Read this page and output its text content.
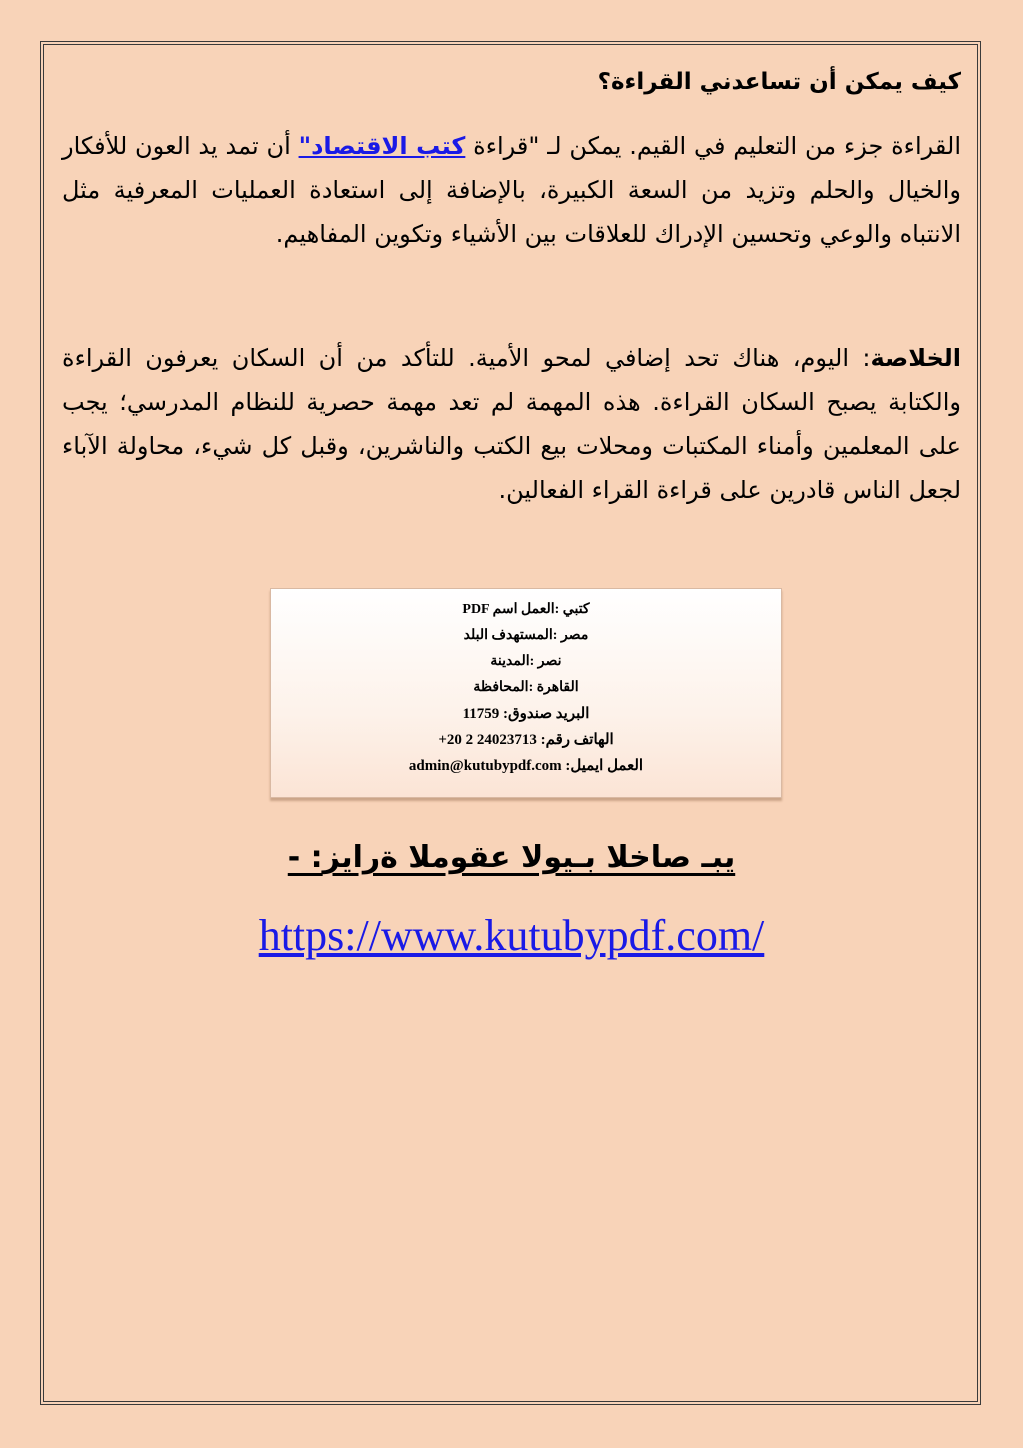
كيف يمكن أن تساعدني القراءة؟
القراءة جزء من التعليم في القيم. يمكن لـ "قراءة كتب الاقتصاد" أن تمد يد العون للأفكار والخيال والحلم وتزيد من السعة الكبيرة، بالإضافة إلى استعادة العمليات المعرفية مثل الانتباه والوعي وتحسين الإدراك للعلاقات بين الأشياء وتكوين المفاهيم.
الخلاصة: اليوم، هناك تحد إضافي لمحو الأمية. للتأكد من أن السكان يعرفون القراءة والكتابة يصبح السكان القراءة. هذه المهمة لم تعد مهمة حصرية للنظام المدرسي؛ يجب على المعلمين وأمناء المكتبات ومحلات بيع الكتب والناشرين، وقبل كل شيء، محاولة الآباء لجعل الناس قادرين على قراءة القراء الفعالين.
PDF كتبي :العمل اسم
مصر :المستهدف البلد
نصر :المدينة
القاهرة :المحافظة
11759 :البريد صندوق
+20 2 24023713 :الهاتف رقم
admin@kutubypdf.com :العمل ايميل
- :يبـ صاخلا بـيولا عقوملا ةرايز
https://www.kutubypdf.com/
